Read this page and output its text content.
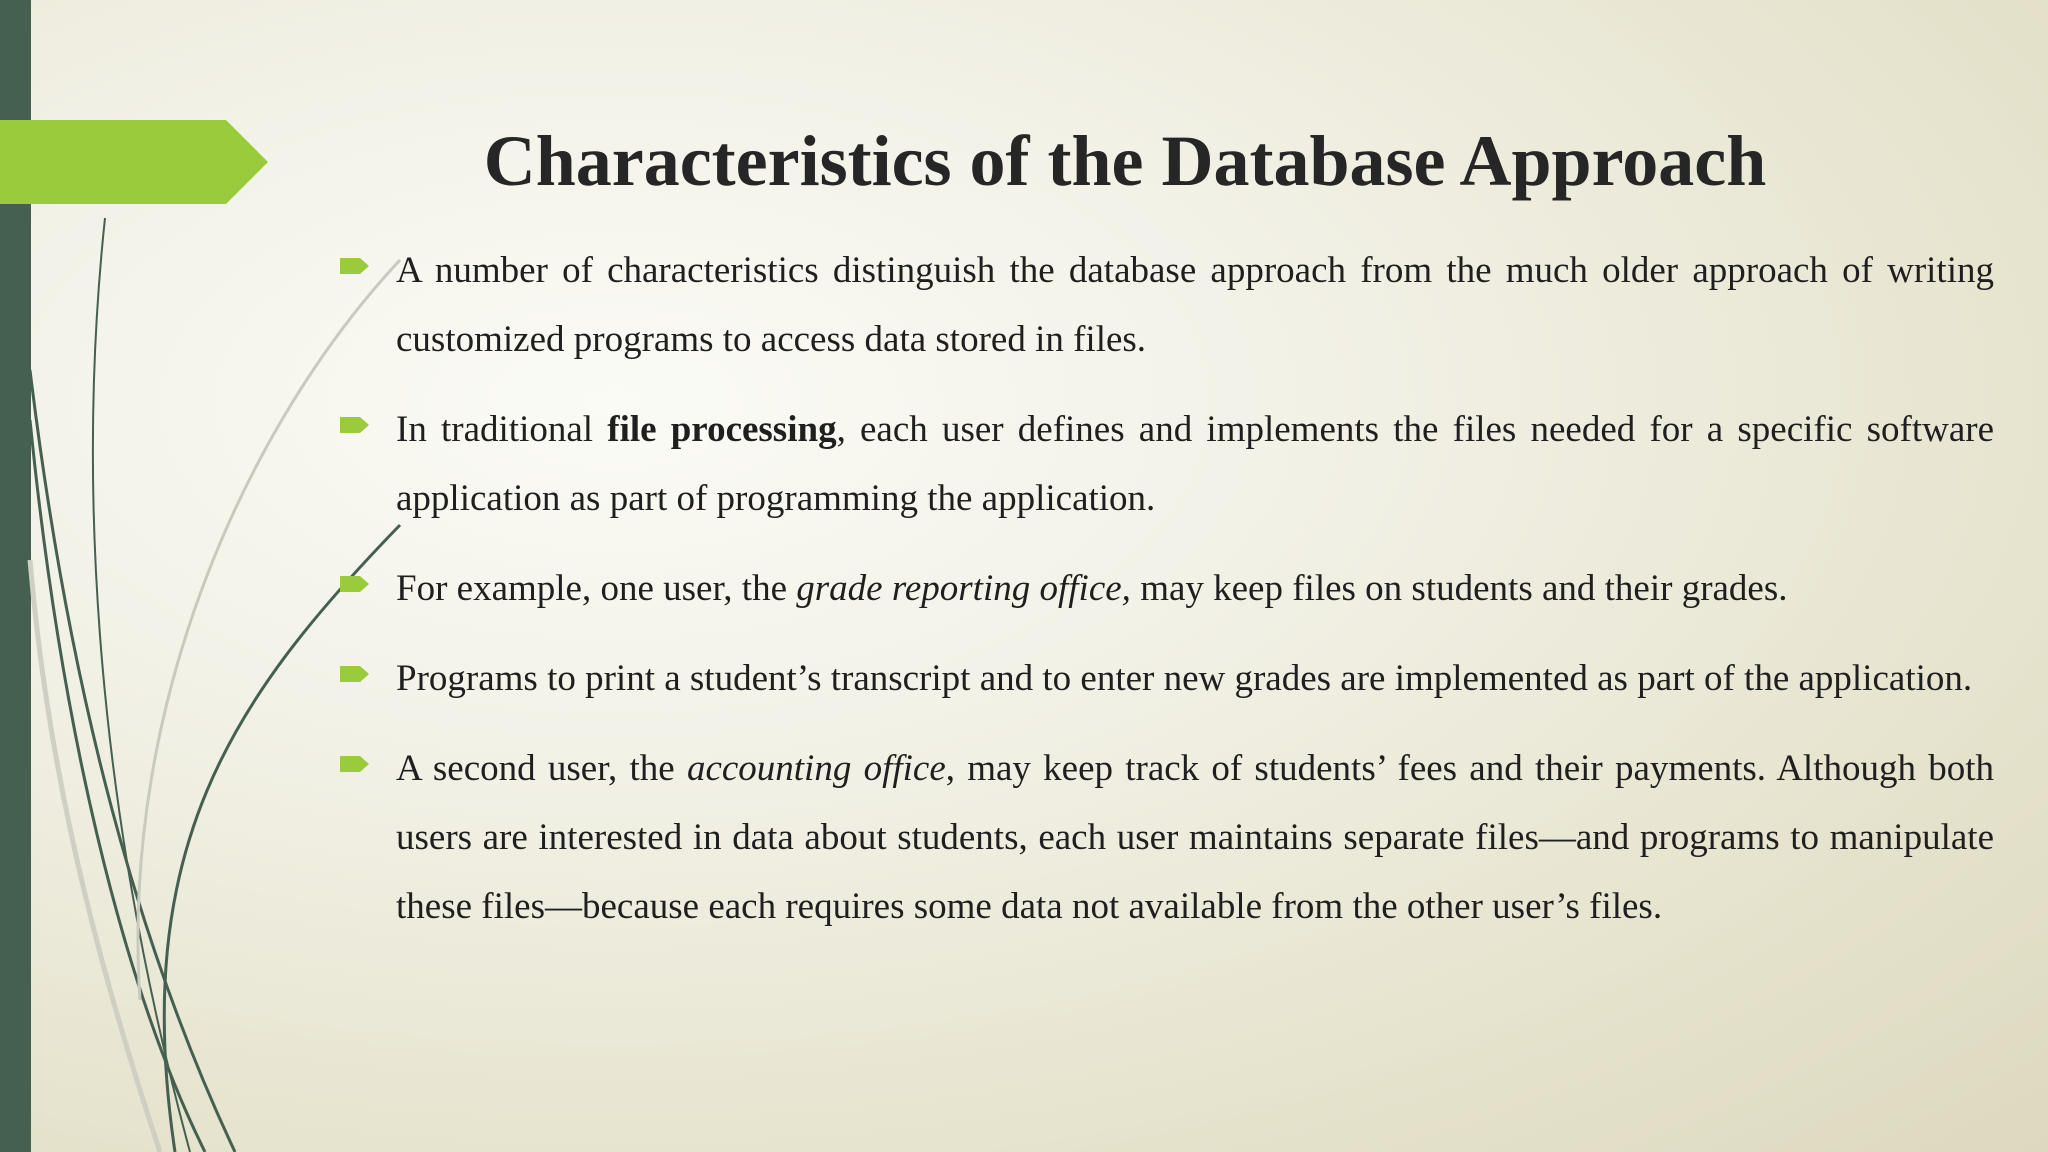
Characteristics of the Database Approach
A number of characteristics distinguish the database approach from the much older approach of writing customized programs to access data stored in files.
In traditional file processing, each user defines and implements the files needed for a specific software application as part of programming the application.
For example, one user, the grade reporting office, may keep files on students and their grades.
Programs to print a student’s transcript and to enter new grades are implemented as part of the application.
A second user, the accounting office, may keep track of students’ fees and their payments. Although both users are interested in data about students, each user maintains separate files—and programs to manipulate these files—because each requires some data not available from the other user’s files.
